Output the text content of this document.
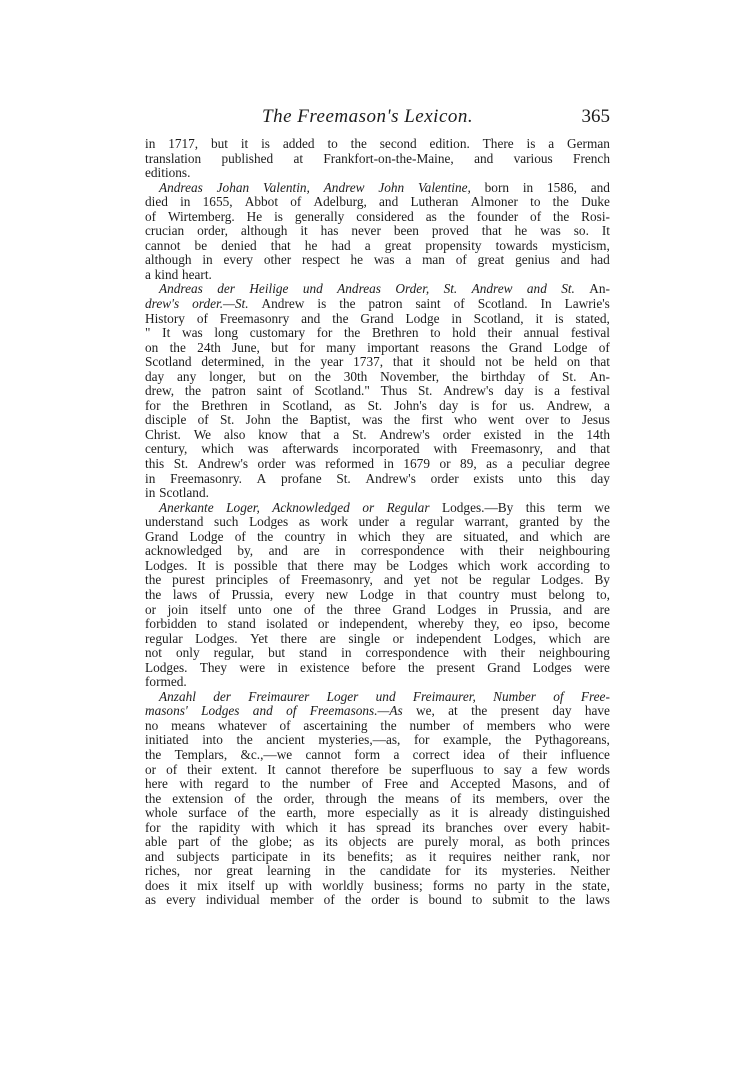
The Freemason's Lexicon.	365
in 1717, but it is added to the second edition. There is a German
translation published at Frankfort-on-the-Maine, and various French
editions.
Andreas Johan Valentin, Andrew John Valentine, born in 1586, and
died in 1655, Abbot of Adelburg, and Lutheran Almoner to the Duke
of Wirtemberg. He is generally considered as the founder of the Rosi-
crucian order, although it has never been proved that he was so. It
cannot be denied that he had a great propensity towards mysticism,
although in every other respect he was a man of great genius and had
a kind heart.
Andreas der Heilige und Andreas Order, St. Andrew and St. An-
drew's order.—St. Andrew is the patron saint of Scotland. In Lawrie's
History of Freemasonry and the Grand Lodge in Scotland, it is stated,
" It was long customary for the Brethren to hold their annual festival
on the 24th June, but for many important reasons the Grand Lodge of
Scotland determined, in the year 1737, that it should not be held on that
day any longer, but on the 30th November, the birthday of St. An-
drew, the patron saint of Scotland." Thus St. Andrew's day is a festival
for the Brethren in Scotland, as St. John's day is for us. Andrew, a
disciple of St. John the Baptist, was the first who went over to Jesus
Christ. We also know that a St. Andrew's order existed in the 14th
century, which was afterwards incorporated with Freemasonry, and that
this St. Andrew's order was reformed in 1679 or 89, as a peculiar degree
in Freemasonry. A profane St. Andrew's order exists unto this day
in Scotland.
Anerkante Loger, Acknowledged or Regular Lodges.—By this term we
understand such Lodges as work under a regular warrant, granted by the
Grand Lodge of the country in which they are situated, and which are
acknowledged by, and are in correspondence with their neighbouring
Lodges. It is possible that there may be Lodges which work according to
the purest principles of Freemasonry, and yet not be regular Lodges. By
the laws of Prussia, every new Lodge in that country must belong to,
or join itself unto one of the three Grand Lodges in Prussia, and are
forbidden to stand isolated or independent, whereby they, eo ipso, become
regular Lodges. Yet there are single or independent Lodges, which are
not only regular, but stand in correspondence with their neighbouring
Lodges. They were in existence before the present Grand Lodges were
formed.
Anzahl der Freimaurer Loger und Freimaurer, Number of Free-
masons' Lodges and of Freemasons.—As we, at the present day have
no means whatever of ascertaining the number of members who were
initiated into the ancient mysteries,—as, for example, the Pythagoreans,
the Templars, &c.,—we cannot form a correct idea of their influence
or of their extent. It cannot therefore be superfluous to say a few words
here with regard to the number of Free and Accepted Masons, and of
the extension of the order, through the means of its members, over the
whole surface of the earth, more especially as it is already distinguished
for the rapidity with which it has spread its branches over every habit-
able part of the globe; as its objects are purely moral, as both princes
and subjects participate in its benefits; as it requires neither rank, nor
riches, nor great learning in the candidate for its mysteries. Neither
does it mix itself up with worldly business; forms no party in the state,
as every individual member of the order is bound to submit to the laws
